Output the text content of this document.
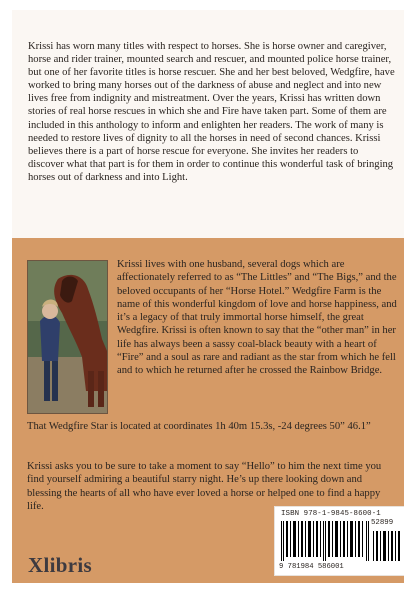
Krissi has worn many titles with respect to horses. She is horse owner and caregiver, horse and rider trainer, mounted search and rescuer, and mounted police horse trainer, but one of her favorite titles is horse rescuer. She and her best beloved, Wedgfire, have worked to bring many horses out of the darkness of abuse and neglect and into new lives free from indignity and mistreatment. Over the years, Krissi has written down stories of real horse rescues in which she and Fire have taken part. Some of them are included in this anthology to inform and enlighten her readers. The work of many is needed to restore lives of dignity to all the horses in need of second chances. Krissi believes there is a part of horse rescue for everyone. She invites her readers to discover what that part is for them in order to continue this wonderful task of bringing horses out of darkness and into Light.
Krissi lives with one husband, several dogs which are affectionately referred to as “The Littles” and “The Bigs,” and the beloved occupants of her “Horse Hotel.” Wedgfire Farm is the name of this wonderful kingdom of love and horse happiness, and it’s a legacy of that truly immortal horse himself, the great Wedgfire. Krissi is often known to say that the “other man” in her life has always been a sassy coal-black beauty with a heart of “Fire” and a soul as rare and radiant as the star from which he fell and to which he returned after he crossed the Rainbow Bridge.
That Wedgfire Star is located at coordinates 1h 40m 15.3s, -24 degrees 50” 46.1”
Krissi asks you to be sure to take a moment to say “Hello” to him the next time you find yourself admiring a beautiful starry night. He’s up there looking down and blessing the hearts of all who have ever loved a horse or helped one to find a happy life.
Xlibris
ISBN 978-1-9845-8600-1
52899
9 781984 586001
